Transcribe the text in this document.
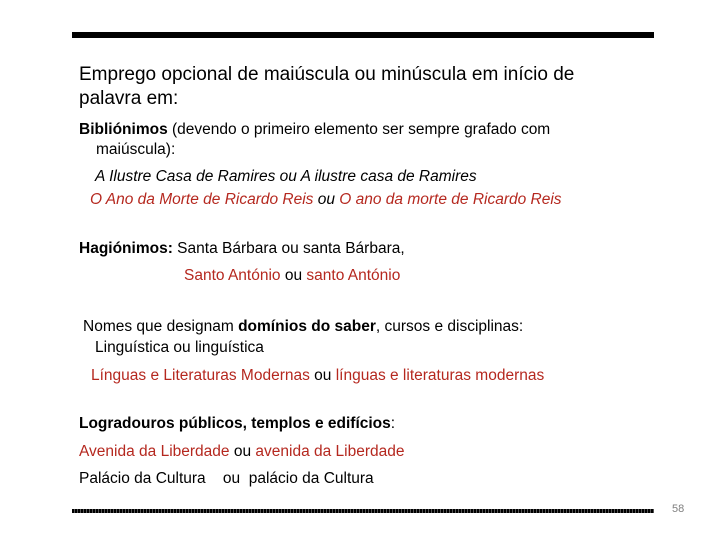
Emprego opcional de maiúscula ou minúscula em início de
palavra em:
Bibliónimos (devendo o primeiro elemento ser sempre grafado com
maiúscula):
A Ilustre Casa de Ramires ou A ilustre casa de Ramires
O Ano da Morte de Ricardo Reis ou O ano da morte de Ricardo Reis
Hagiónimos: Santa Bárbara ou santa Bárbara,
Santo António ou santo António
Nomes que designam domínios do saber, cursos e disciplinas:
Linguística ou linguística
Línguas e Literaturas Modernas ou línguas e literaturas modernas
Logradouros públicos, templos e edifícios:
Avenida da Liberdade ou avenida da Liberdade
Palácio da Cultura    ou  palácio da Cultura
58
